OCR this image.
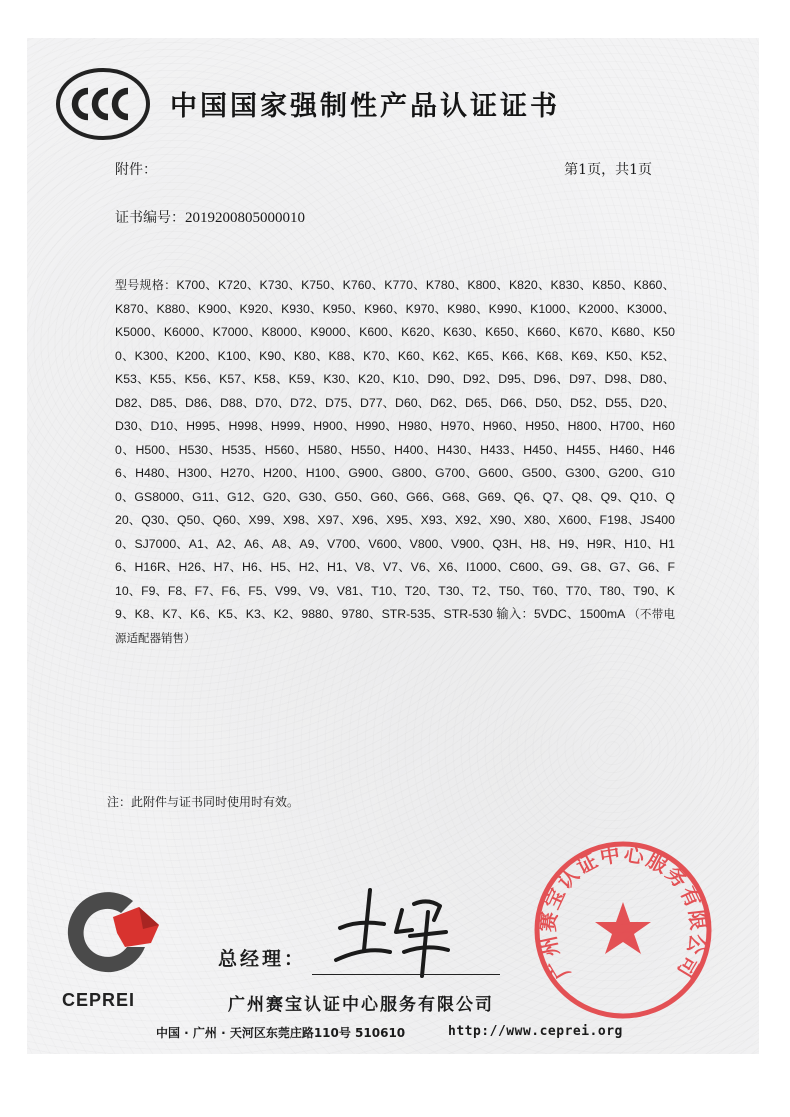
中国国家强制性产品认证证书
附件：	第1页，共1页
证书编号：2019200805000010
型号规格：K700、K720、K730、K750、K760、K770、K780、K800、K820、K830、K850、K860、K870、K880、K900、K920、K930、K950、K960、K970、K980、K990、K1000、K2000、K3000、K5000、K6000、K7000、K8000、K9000、K600、K620、K630、K650、K660、K670、K680、K500、K300、K200、K100、K90、K80、K88、K70、K60、K62、K65、K66、K68、K69、K50、K52、K53、K55、K56、K57、K58、K59、K30、K20、K10、D90、D92、D95、D96、D97、D98、D80、D82、D85、D86、D88、D70、D72、D75、D77、D60、D62、D65、D66、D50、D52、D55、D20、D30、D10、H995、H998、H999、H900、H990、H980、H970、H960、H950、H800、H700、H600、H500、H530、H535、H560、H580、H550、H400、H430、H433、H450、H455、H460、H466、H480、H300、H270、H200、H100、G900、G800、G700、G600、G500、G300、G200、G100、GS8000、G11、G12、G20、G30、G50、G60、G66、G68、G69、Q6、Q7、Q8、Q9、Q10、Q20、Q30、Q50、Q60、X99、X98、X97、X96、X95、X93、X92、X90、X80、X600、F198、JS4000、SJ7000、A1、A2、A6、A8、A9、V700、V600、V800、V900、Q3H、H8、H9、H9R、H10、H16、H16R、H26、H7、H6、H5、H2、H1、V8、V7、V6、X6、I1000、C600、G9、G8、G7、G6、F10、F9、F8、F7、F6、F5、V99、V9、V81、T10、T20、T30、T2、T50、T60、T70、T80、T90、K9、K8、K7、K6、K5、K3、K2、9880、9780、STR-535、STR-530 输入：5VDC、1500mA （不带电源适配器销售）
注：此附件与证书同时使用时有效。
CEPREI
总经理：
广州赛宝认证中心服务有限公司
中国 · 广州 · 天河区东莞庄路110号 510610	http://www.ceprei.org
广州赛宝认证中心服务有限公司
